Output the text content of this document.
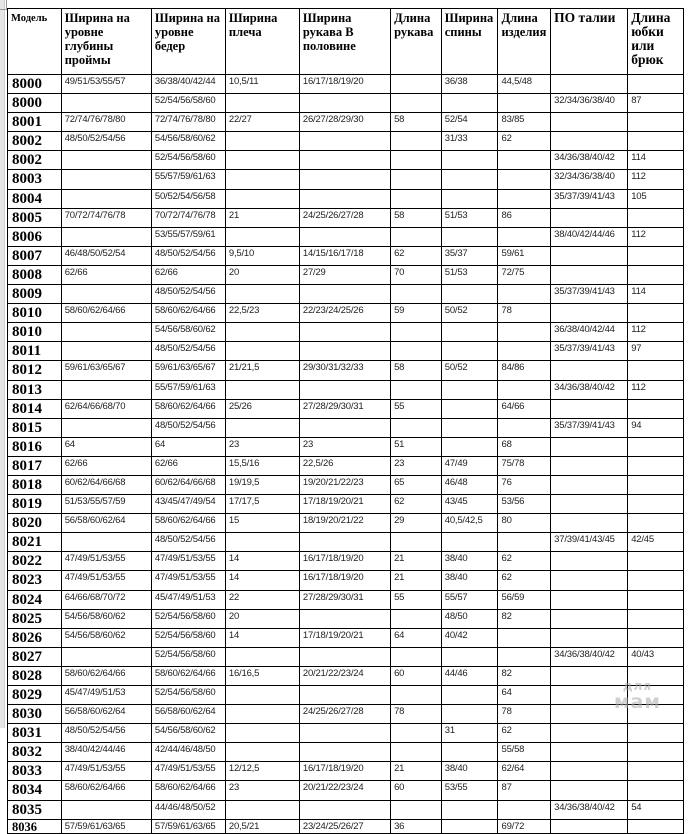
Модель	Ширина на уровне глубины проймы	Ширина на уровне бедер	Ширина плеча	Ширина рукава В половине	Длина рукава	Ширина спины	Длина изделия	ПО талии	Длина юбки или брюк
8000	49/51/53/55/57	36/38/40/42/44	10,5/11	16/17/18/19/20		36/38	44,5/48		
8000		52/54/56/58/60						32/34/36/38/40	87
8001	72/74/76/78/80	72/74/76/78/80	22/27	26/27/28/29/30	58	52/54	83/85		
8002	48/50/52/54/56	54/56/58/60/62				31/33	62		
8002		52/54/56/58/60						34/36/38/40/42	114
8003		55/57/59/61/63						32/34/36/38/40	112
8004		50/52/54/56/58						35/37/39/41/43	105
8005	70/72/74/76/78	70/72/74/76/78	21	24/25/26/27/28	58	51/53	86		
8006		53/55/57/59/61						38/40/42/44/46	112
8007	46/48/50/52/54	48/50/52/54/56	9,5/10	14/15/16/17/18	62	35/37	59/61		
8008	62/66	62/66	20	27/29	70	51/53	72/75		
8009		48/50/52/54/56						35/37/39/41/43	114
8010	58/60/62/64/66	58/60/62/64/66	22,5/23	22/23/24/25/26	59	50/52	78		
8010		54/56/58/60/62						36/38/40/42/44	112
8011		48/50/52/54/56						35/37/39/41/43	97
8012	59/61/63/65/67	59/61/63/65/67	21/21,5	29/30/31/32/33	58	50/52	84/86		
8013		55/57/59/61/63						34/36/38/40/42	112
8014	62/64/66/68/70	58/60/62/64/66	25/26	27/28/29/30/31	55		64/66		
8015		48/50/52/54/56						35/37/39/41/43	94
8016	64	64	23	23	51		68		
8017	62/66	62/66	15,5/16	22,5/26	23	47/49	75/78		
8018	60/62/64/66/68	60/62/64/66/68	19/19,5	19/20/21/22/23	65	46/48	76		
8019	51/53/55/57/59	43/45/47/49/54	17/17,5	17/18/19/20/21	62	43/45	53/56		
8020	56/58/60/62/64	58/60/62/64/66	15	18/19/20/21/22	29	40,5/42,5	80		
8021		48/50/52/54/56						37/39/41/43/45	42/45
8022	47/49/51/53/55	47/49/51/53/55	14	16/17/18/19/20	21	38/40	62		
8023	47/49/51/53/55	47/49/51/53/55	14	16/17/18/19/20	21	38/40	62		
8024	64/66/68/70/72	45/47/49/51/53	22	27/28/29/30/31	55	55/57	56/59		
8025	54/56/58/60/62	52/54/56/58/60	20			48/50	82		
8026	54/56/58/60/62	52/54/56/58/60	14	17/18/19/20/21	64	40/42			
8027		52/54/56/58/60						34/36/38/40/42	40/43
8028	58/60/62/64/66	58/60/62/64/66	16/16,5	20/21/22/23/24	60	44/46	82		
8029	45/47/49/51/53	52/54/56/58/60					64		
8030	56/58/60/62/64	56/58/60/62/64		24/25/26/27/28	78		78		
8031	48/50/52/54/56	54/56/58/60/62				31	62		
8032	38/40/42/44/46	42/44/46/48/50					55/58		
8033	47/49/51/53/55	47/49/51/53/55	12/12,5	16/17/18/19/20	21	38/40	62/64		
8034	58/60/62/64/66	58/60/62/64/66	23	20/21/22/23/24	60	53/55	87		
8035		44/46/48/50/52						34/36/38/40/42	54
8036	57/59/61/63/65	57/59/61/63/65	20,5/21	23/24/25/26/27	36		69/72		
для
мам
